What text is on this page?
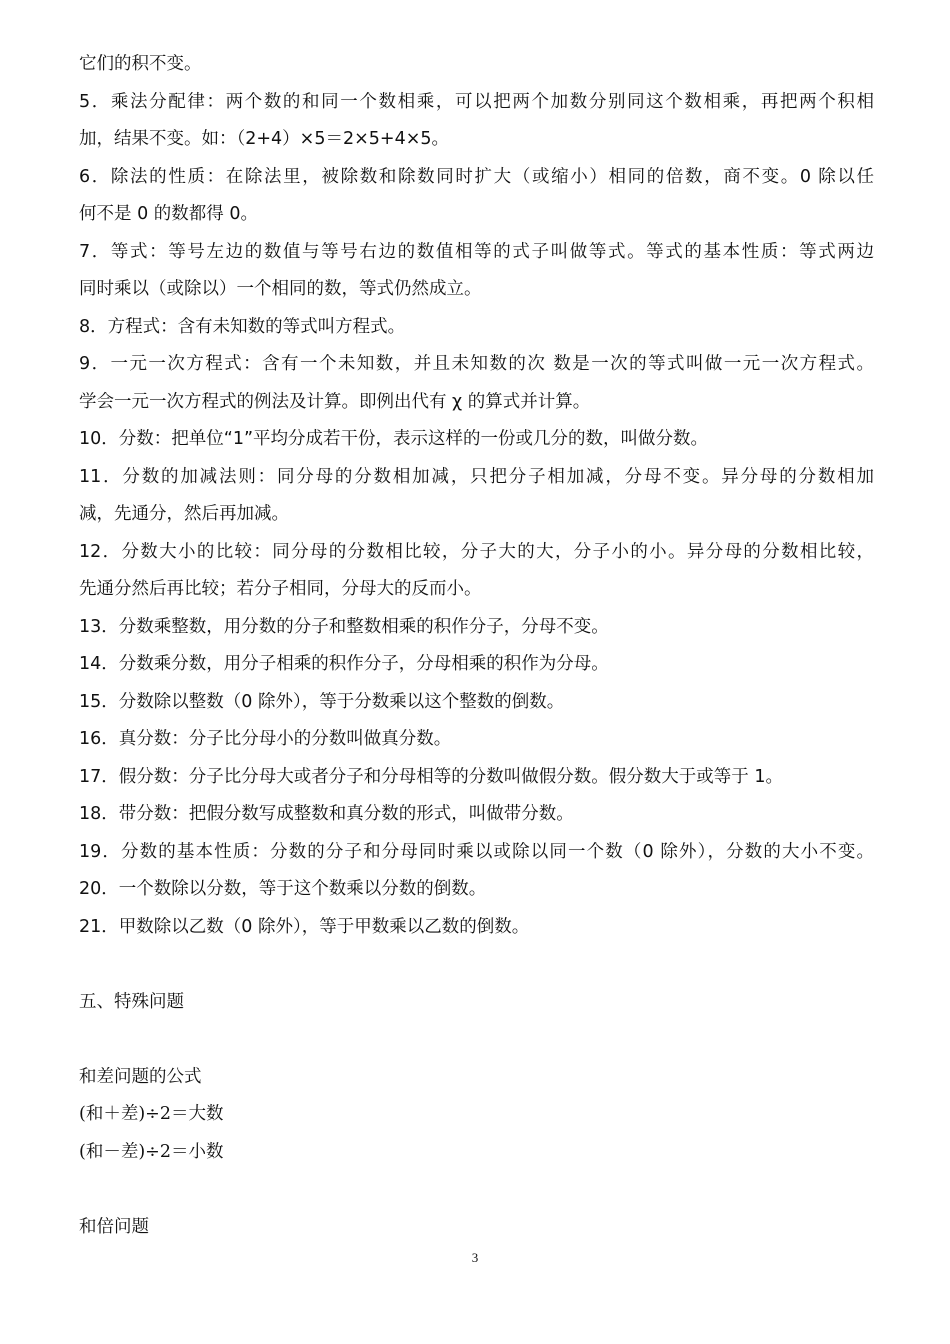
它们的积不变。
5．乘法分配律：两个数的和同一个数相乘，可以把两个加数分别同这个数相乘，再把两个积相
加，结果不变。如：（2+4）×5＝2×5+4×5。
6．除法的性质：在除法里，被除数和除数同时扩大（或缩小）相同的倍数，商不变。0 除以任
何不是 0 的数都得 0。
7．等式：等号左边的数值与等号右边的数值相等的式子叫做等式。等式的基本性质：等式两边
同时乘以（或除以）一个相同的数，等式仍然成立。
8．方程式：含有未知数的等式叫方程式。
9．一元一次方程式：含有一个未知数，并且未知数的次 数是一次的等式叫做一元一次方程式。
学会一元一次方程式的例法及计算。即例出代有 χ 的算式并计算。
10．分数：把单位“1”平均分成若干份，表示这样的一份或几分的数，叫做分数。
11．分数的加减法则：同分母的分数相加减，只把分子相加减，分母不变。异分母的分数相加
减，先通分，然后再加减。
12．分数大小的比较：同分母的分数相比较，分子大的大，分子小的小。异分母的分数相比较，
先通分然后再比较；若分子相同，分母大的反而小。
13．分数乘整数，用分数的分子和整数相乘的积作分子，分母不变。
14．分数乘分数，用分子相乘的积作分子，分母相乘的积作为分母。
15．分数除以整数（0 除外），等于分数乘以这个整数的倒数。
16．真分数：分子比分母小的分数叫做真分数。
17．假分数：分子比分母大或者分子和分母相等的分数叫做假分数。假分数大于或等于 1。
18．带分数：把假分数写成整数和真分数的形式，叫做带分数。
19．分数的基本性质：分数的分子和分母同时乘以或除以同一个数（0 除外），分数的大小不变。
20．一个数除以分数，等于这个数乘以分数的倒数。
21．甲数除以乙数（0 除外），等于甲数乘以乙数的倒数。
五、特殊问题
和差问题的公式
(和＋差)÷2＝大数
(和－差)÷2＝小数
和倍问题
3
